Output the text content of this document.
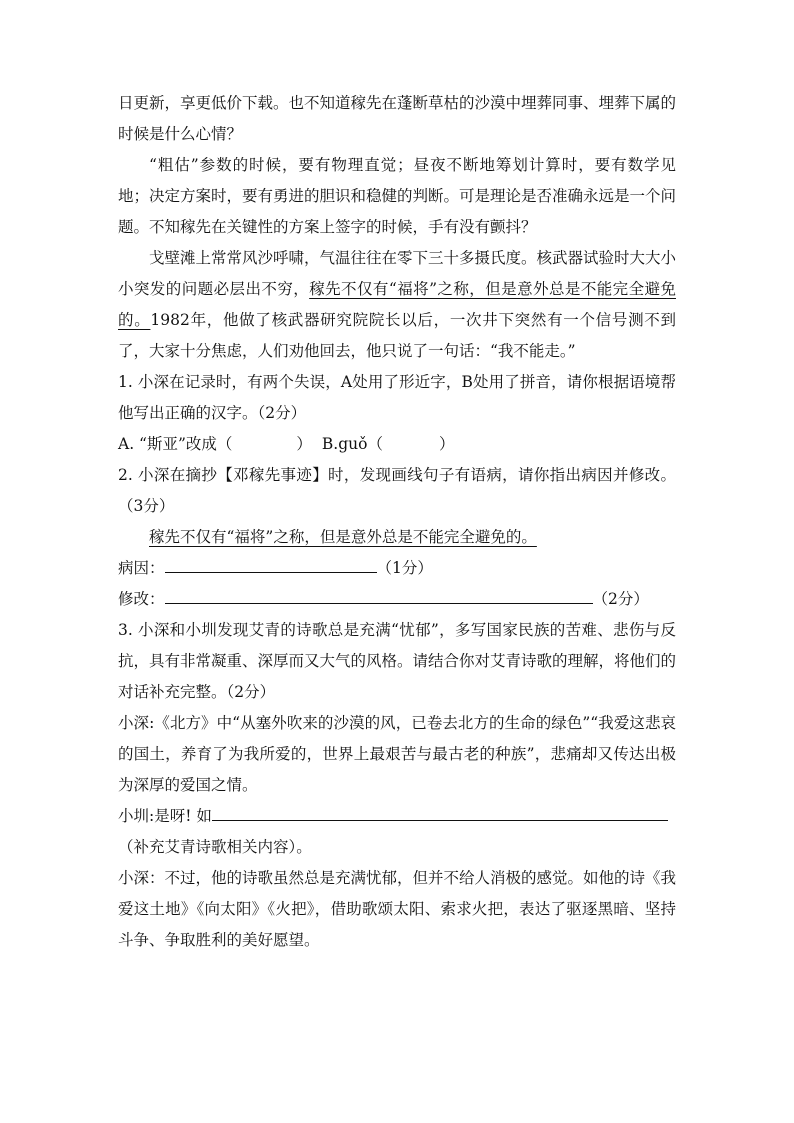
日更新，享更低价下载。也不知道稼先在蓬断草枯的沙漠中埋葬同事、埋葬下属的时候是什么心情？

“粗估”参数的时候，要有物理直觉；昼夜不断地筹划计算时，要有数学见地；决定方案时，要有勇进的胆识和稳健的判断。可是理论是否准确永远是一个问题。不知稼先在关键性的方案上签字的时候，手有没有颤抖？

戈壁滩上常常风沙呼啸，气温往往在零下三十多摄氏度。核武器试验时大大小小突发的问题必层出不穷，稼先不仅有“福将”之称，但是意外总是不能完全避免的。1982年，他做了核武器研究院院长以后，一次井下突然有一个信号测不到了，大家十分焦虑，人们劝他回去，他只说了一句话：“我不能走。”

1. 小深在记录时，有两个失误，A处用了形近字，B处用了拼音，请你根据语境帮他写出正确的汉字。（2分）

A. “斯亚”改成（	） B.guǒ（	）

2. 小深在摘抄【邓稼先事迹】时，发现画线句子有语病，请你指出病因并修改。（3分）

稼先不仅有“福将”之称，但是意外总是不能完全避免的。

病因：	（1分）

修改：	（2分）

3. 小深和小圳发现艾青的诗歌总是充满“忧郁”，多写国家民族的苦难、悲伤与反抗，具有非常凝重、深厚而又大气的风格。请结合你对艾青诗歌的理解，将他们的对话补充完整。（2分）

小深:《北方》中“从塞外吹来的沙漠的风，已卷去北方的生命的绿色”“我爱这悲哀的国土，养育了为我所爱的，世界上最艰苦与最古老的种族”，悲痛却又传达出极为深厚的爱国之情。

小圳:是呀! 如

（补充艾青诗歌相关内容）。

小深：不过，他的诗歌虽然总是充满忧郁，但并不给人消极的感觉。如他的诗《我爱这土地》《向太阳》《火把》，借助歌颂太阳、索求火把，表达了驱逐黑暗、坚持斗争、争取胜利的美好愿望。
